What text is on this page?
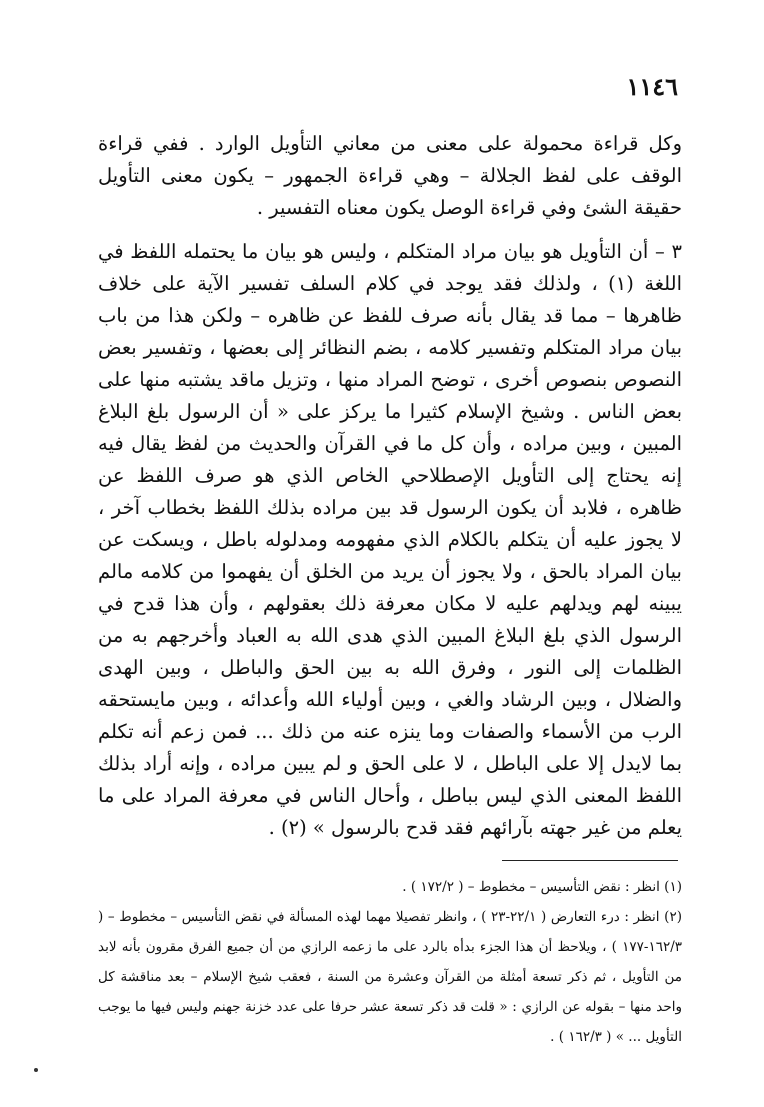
١١٤٦

وكل قراءة محمولة على معنى من معاني التأويل الوارد . ففي قراءة الوقف على لفظ الجلالة – وهي قراءة الجمهور – يكون معنى التأويل حقيقة الشئ وفي قراءة الوصل يكون معناه التفسير .

٣ – أن التأويل هو بيان مراد المتكلم ، وليس هو بيان ما يحتمله اللفظ في اللغة (١) ، ولذلك فقد يوجد في كلام السلف تفسير الآية على خلاف ظاهرها – مما قد يقال بأنه صرف للفظ عن ظاهره – ولكن هذا من باب بيان مراد المتكلم وتفسير كلامه ، بضم النظائر إلى بعضها ، وتفسير بعض النصوص بنصوص أخرى ، توضح المراد منها ، وتزيل ماقد يشتبه منها على بعض الناس . وشيخ الإسلام كثيرا ما يركز على « أن الرسول بلغ البلاغ المبين ، وبين مراده ، وأن كل ما في القرآن والحديث من لفظ يقال فيه إنه يحتاج إلى التأويل الإصطلاحي الخاص الذي هو صرف اللفظ عن ظاهره ، فلابد أن يكون الرسول قد بين مراده بذلك اللفظ بخطاب آخر ، لا يجوز عليه أن يتكلم بالكلام الذي مفهومه ومدلوله باطل ، ويسكت عن بيان المراد بالحق ، ولا يجوز أن يريد من الخلق أن يفهموا من كلامه مالم يبينه لهم ويدلهم عليه لا مكان معرفة ذلك بعقولهم ، وأن هذا قدح في الرسول الذي بلغ البلاغ المبين الذي هدى الله به العباد وأخرجهم به من الظلمات إلى النور ، وفرق الله به بين الحق والباطل ، وبين الهدى والضلال ، وبين الرشاد والغي ، وبين أولياء الله وأعدائه ، وبين مايستحقه الرب من الأسماء والصفات وما ينزه عنه من ذلك ... فمن زعم أنه تكلم بما لايدل إلا على الباطل ، لا على الحق و لم يبين مراده ، وإنه أراد بذلك اللفظ المعنى الذي ليس بباطل ، وأحال الناس في معرفة المراد على ما يعلم من غير جهته بآرائهم فقد قدح بالرسول » (٢) .

(١) انظر : نقض التأسيس – مخطوط – ( ١٧٢/٢ ) .

(٢) انظر : درء التعارض ( ٢٢/١-٢٣ ) ، وانظر تفصيلا مهما لهذه المسألة في نقض التأسيس – مخطوط – ( ١٦٢/٣-١٧٧ ) ، ويلاحظ أن هذا الجزء بدأه بالرد على ما زعمه الرازي من أن جميع الفرق مقرون بأنه لابد من التأويل ، ثم ذكر تسعة أمثلة من القرآن وعشرة من السنة ، فعقب شيخ الإسلام – بعد مناقشة كل واحد منها – بقوله عن الرازي : « قلت قد ذكر تسعة عشر حرفا على عدد خزنة جهنم وليس فيها ما يوجب التأويل ... » ( ١٦٢/٣ ) .
